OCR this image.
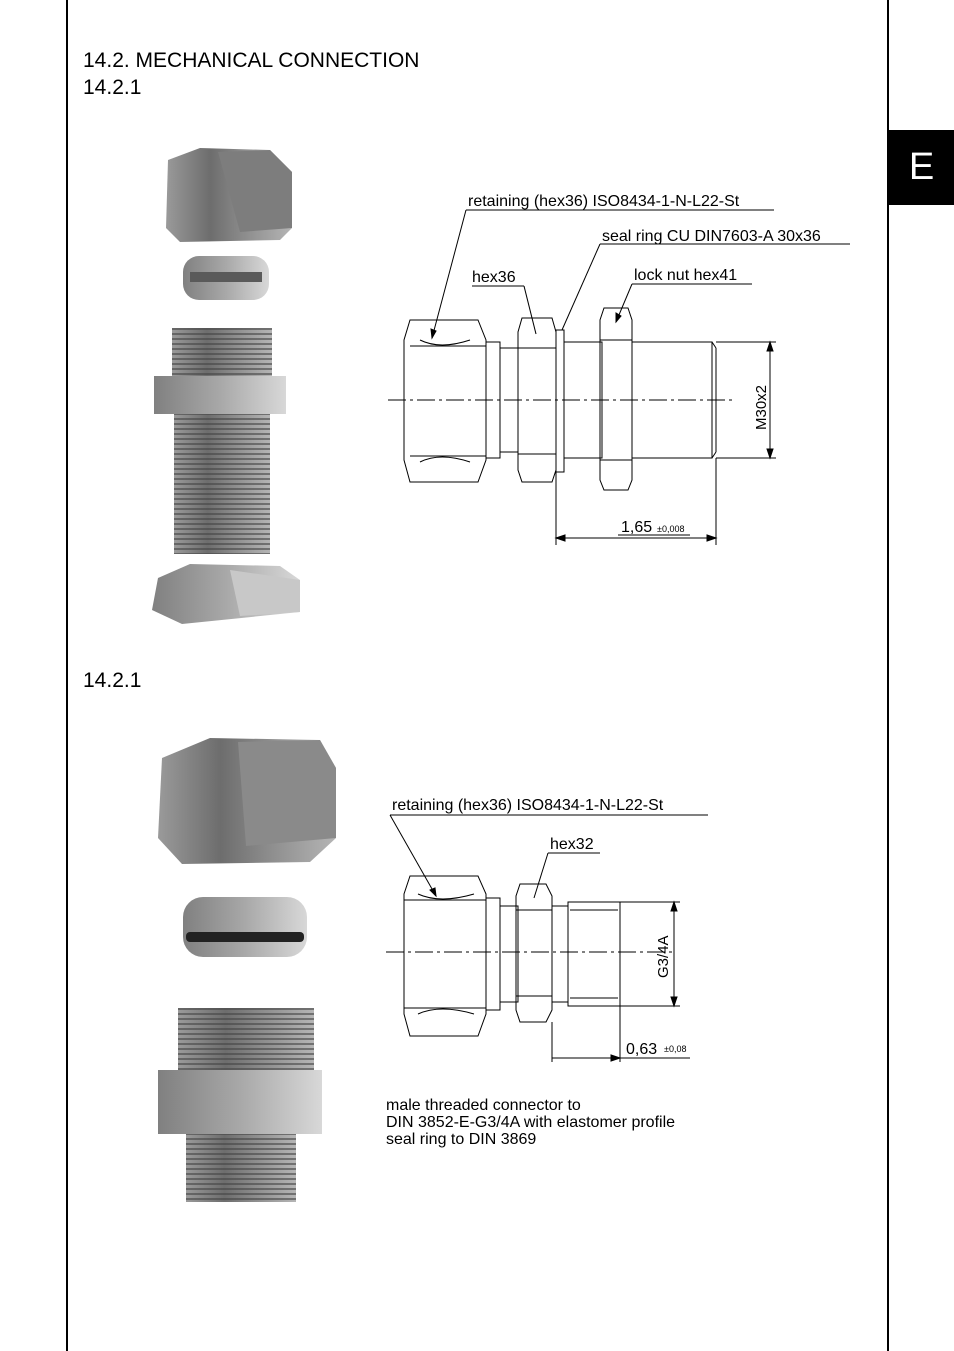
E
14.2. MECHANICAL CONNECTION
14.2.1
14.2.1
retaining (hex36) ISO8434-1-N-L22-St
seal ring CU DIN7603-A 30x36
hex36	lock nut hex41
M30x2
1,65 ±0,008
retaining (hex36) ISO8434-1-N-L22-St
hex32
G3/4A
0,63 ±0,08
male threaded connector to
DIN 3852-E-G3/4A with elastomer profile
seal ring to DIN 3869
